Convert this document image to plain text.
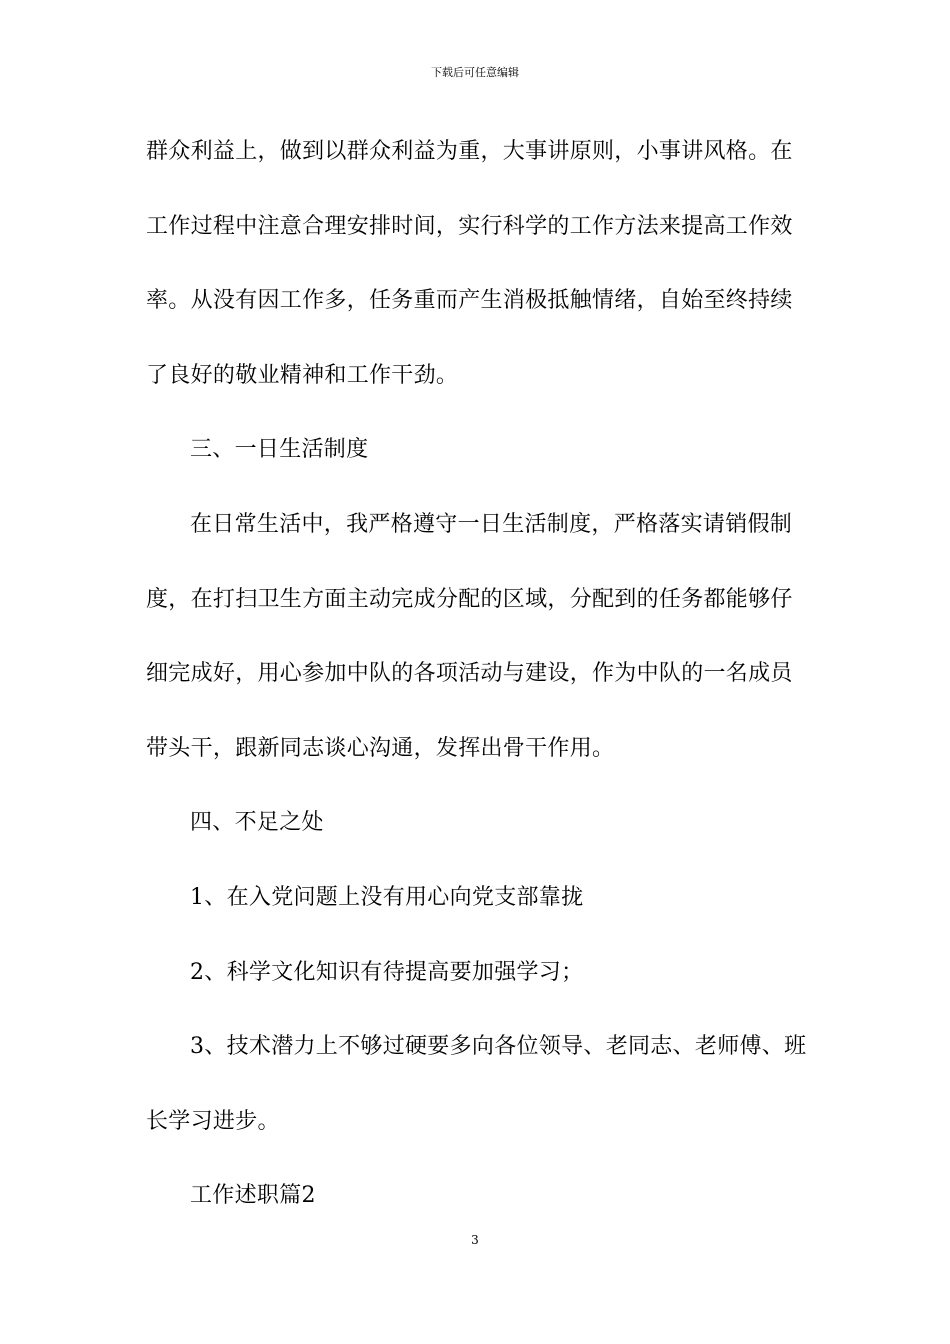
下载后可任意编辑
群众利益上，做到以群众利益为重，大事讲原则，小事讲风格。在
工作过程中注意合理安排时间，实行科学的工作方法来提高工作效
率。从没有因工作多，任务重而产生消极抵触情绪，自始至终持续
了良好的敬业精神和工作干劲。
三、一日生活制度
在日常生活中，我严格遵守一日生活制度，严格落实请销假制
度，在打扫卫生方面主动完成分配的区域，分配到的任务都能够仔
细完成好，用心参加中队的各项活动与建设，作为中队的一名成员
带头干，跟新同志谈心沟通，发挥出骨干作用。
四、不足之处
1、在入党问题上没有用心向党支部靠拢
2、科学文化知识有待提高要加强学习；
3、技术潜力上不够过硬要多向各位领导、老同志、老师傅、班
长学习进步。
工作述职篇2
3
